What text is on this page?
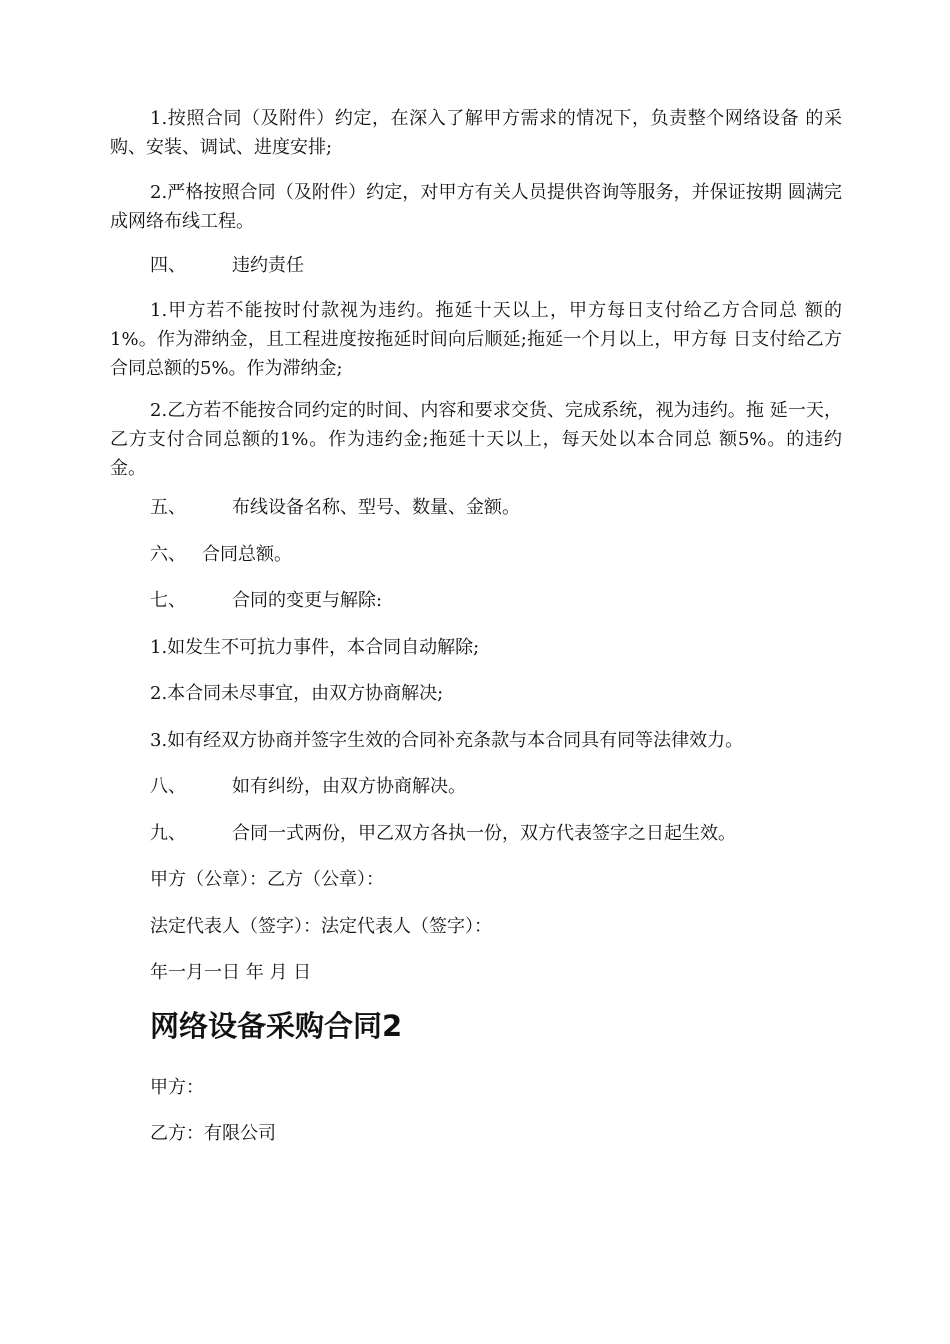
1.按照合同（及附件）约定，在深入了解甲方需求的情况下，负责整个网络设备 的采购、安装、调试、进度安排;

2.严格按照合同（及附件）约定，对甲方有关人员提供咨询等服务，并保证按期 圆满完成网络布线工程。

四、	违约责任

1.甲方若不能按时付款视为违约。拖延十天以上，甲方每日支付给乙方合同总 额的1%。作为滞纳金，且工程进度按拖延时间向后顺延;拖延一个月以上，甲方每 日支付给乙方合同总额的5%。作为滞纳金;

2.乙方若不能按合同约定的时间、内容和要求交货、完成系统，视为违约。拖 延一天，乙方支付合同总额的1%。作为违约金;拖延十天以上，每天处以本合同总 额5%。的违约金。

五、	布线设备名称、型号、数量、金额。

六、 合同总额。

七、	合同的变更与解除:

1.如发生不可抗力事件，本合同自动解除;

2.本合同未尽事宜，由双方协商解决;

3.如有经双方协商并签字生效的合同补充条款与本合同具有同等法律效力。

八、	如有纠纷，由双方协商解决。

九、	合同一式两份，甲乙双方各执一份，双方代表签字之日起生效。

甲方（公章）：乙方（公章）：

法定代表人（签字）：法定代表人（签字）：

年一月一日 年 月 日

网络设备采购合同2

甲方：

乙方：有限公司
